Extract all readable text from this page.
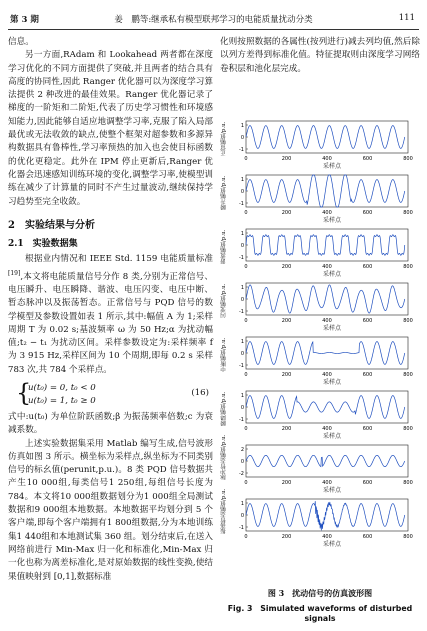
第 3 期	姜　鹏等:继承私有模型联邦学习的电能质量扰动分类	111

信息。

另一方面,RAdam 和 Lookahead 两者都在深度学习优化的不同方面提供了突破,并且两者的结合具有高度的协同性,因此 Ranger 优化器可以为深度学习算法提供 2 种改进的最佳效果。Ranger 优化器记录了梯度的一阶矩和二阶矩,代表了历史学习惯性和环境感知能力,因此能够自适应地调整学习率,克服了陷入局部最优或无法收敛的缺点,使整个框架对超参数和多源异构数据具有鲁棒性,学习率预热的加入也会使目标函数的优化更稳定。此外在 IPM 停止更新后,Ranger 优化器会迅速感知训练环境的变化,调整学习率,使模型训练在减少了计算量的同时不产生过量波动,继续保持学习趋势至完全收敛。

2　实验结果与分析
2.1　实验数据集

根据业内情况和 IEEE Std. 1159 电能质量标准[19],本文将电能质量信号分作 8 类,分别为正常信号、电压瞬升、电压瞬降、谐波、电压闪变、电压中断、暂态脉冲以及振荡暂态。正常信号与 PQD 信号的数学模型及参数设置如表 1 所示,其中:幅值 A 为 1;采样周期 T 为 0.02 s;基波频率 ω 为 50 Hz;α 为扰动幅值;t₂ − t₁ 为扰动区间。采样参数设定为:采样频率 f 为 3 915 Hz,采样区间为 10 个周期,即每 0.2 s 采样 783 次,共 784 个采样点。

{
u(t₀) = 0, t₀ < 0
u(t₀) = 1, t₀ ≥ 0
(16)

式中:u(t₀) 为单位阶跃函数;β 为振荡频率倍数;c 为衰减系数。

上述实验数据集采用 Matlab 编写生成,信号波形仿真如图 3 所示。横坐标为采样点,纵坐标为不同类别信号的标幺值(perunit,p.u.)。8 类 PQD 信号数据共产生10 000组,每类信号1 250组,每组信号长度为784。本文将10 000组数据划分为1 000组全局测试数据和9 000组本地数据。本地数据平均划分到 5 个客户端,即每个客户端拥有1 800组数据,分为本地训练集1 440组和本地测试集 360 组。划分结束后,在送入网络前进行 Min-Max 归一化和标准化,Min-Max 归一化也称为离差标准化,是对原始数据的线性变换,使结果值映射到 [0,1],数据标准

化则按照数据的各属性(按列进行)减去列均值,然后除以列方差得到标准化值。特征提取则由深度学习网络卷积层和池化层完成。

正常幅值/p.u.	1
0
-1
0	200	400	600	800
采样点
瞬升幅值/p.u.	1
0
-1
0	200	400	600	800
采样点
谐波幅值/p.u.	1
0
-1
0	200	400	600	800
采样点
闪变幅值/p.u.	1
0
-1
0	200	400	600	800
采样点
中断幅值/p.u.	1
0
-1
0	200	400	600	800
采样点
瞬降幅值/p.u.	1
0
-1
0	200	400	600	800
采样点
脉冲暂态幅值/p.u.	2
0
-2
0	200	400	600	800
采样点
振荡暂态幅值/p.u.	1
0
-1
0	200	400	600	800
采样点
图 3　扰动信号的仿真波形图
Fig. 3　Simulated waveforms of disturbed signals
